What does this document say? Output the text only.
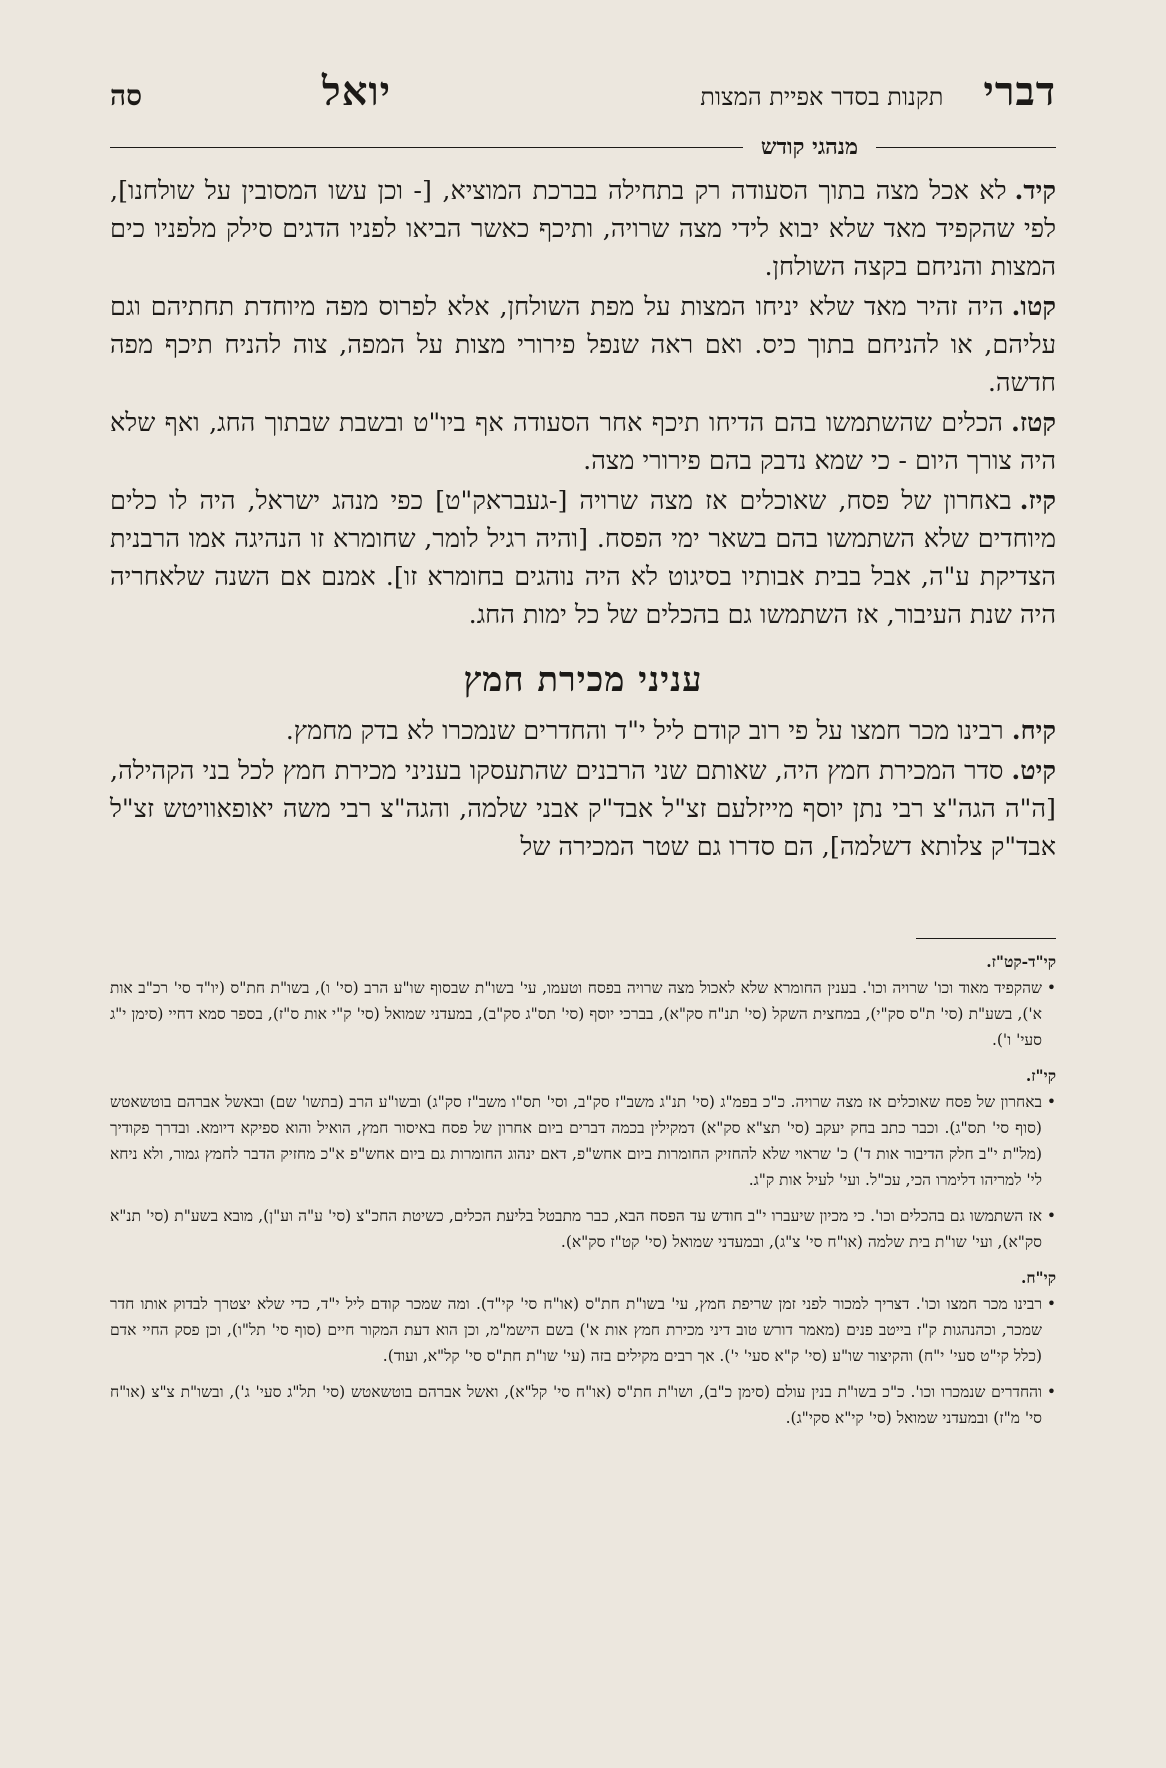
דברי
תקנות בסדר אפיית המצות
יואל
סה
מנהגי קודש

קיד.לא אכל מצה בתוך הסעודה רק בתחילה בברכת המוציא, [- וכן עשו המסובין על שולחנו], לפי שהקפיד מאד שלא יבוא לידי מצה שרויה, ותיכף כאשר הביאו לפניו הדגים סילק מלפניו כים המצות והניחם בקצה השולחן.

קטו.היה זהיר מאד שלא יניחו המצות על מפת השולחן, אלא לפרוס מפה מיוחדת תחתיהם וגם עליהם, או להניחם בתוך כיס. ואם ראה שנפל פירורי מצות על המפה, צוה להניח תיכף מפה חדשה.

קטז.הכלים שהשתמשו בהם הדיחו תיכף אחר הסעודה אף ביו"ט ובשבת שבתוך החג, ואף שלא היה צורך היום - כי שמא נדבק בהם פירורי מצה.

קיז.באחרון של פסח, שאוכלים אז מצה שרויה [-געבראק"ט] כפי מנהג ישראל, היה לו כלים מיוחדים שלא השתמשו בהם בשאר ימי הפסח. [והיה רגיל לומר, שחומרא זו הנהיגה אמו הרבנית הצדיקת ע"ה, אבל בבית אבותיו בסיגוט לא היה נוהגים בחומרא זו]. אמנם אם השנה שלאחריה היה שנת העיבור, אז השתמשו גם בהכלים של כל ימות החג.

עניני מכירת חמץ

קיח.רבינו מכר חמצו על פי רוב קודם ליל י"ד והחדרים שנמכרו לא בדק מחמץ.

קיט.סדר המכירת חמץ היה, שאותם שני הרבנים שהתעסקו בעניני מכירת חמץ לכל בני הקהילה, [ה"ה הגה"צ רבי נתן יוסף מייזלעם זצ"ל אבד"ק אבני שלמה, והגה"צ רבי משה יאופאוויטש זצ"ל אבד"ק צלותא דשלמה], הם סדרו גם שטר המכירה של

קי"ד-קט"ז.
• שהקפיד מאוד וכו' שרויה וכו'. בענין החומרא שלא לאכול מצה שרויה בפסח וטעמו, עי' בשו"ת שבסוף שו"ע הרב (סי' ו), בשו"ת חת"ס (יו"ד סי' רכ"ב אות א'), בשע"ת (סי' ת"ס סק"י), במחצית השקל (סי' תנ"ח סק"א), בברכי יוסף (סי' תס"ג סק"ב), במעדני שמואל (סי' ק"י אות ס"ז), בספר סמא דחיי (סימן י"ג סעי' ו').
קי"ז.
• באחרון של פסח שאוכלים אז מצה שרויה. כ"כ בפמ"ג (סי' תנ"ג משב"ז סק"ב, וסי' תס"ו משב"ז סק"ג) ובשו"ע הרב (בתשו' שם) ובאשל אברהם בוטשאטש (סוף סי' תס"ג). וכבר כתב בחק יעקב (סי' תצ"א סק"א) דמקילין בכמה דברים ביום אחרון של פסח באיסור חמץ, הואיל והוא ספיקא דיומא. ובדרך פקודיך (מל"ת י"ב חלק הדיבור אות ד') כ' שראוי שלא להחזיק החומרות ביום אחש"פ, דאם ינהוג החומרות גם ביום אחש"פ א"כ מחזיק הדבר לחמץ גמור, ולא ניחא לי' למריהו דלימרו הכי, עכ"ל. ועי' לעיל אות ק"ג.
• אז השתמשו גם בהכלים וכו'. כי מכיון שיעברו י"ב חודש עד הפסח הבא, כבר מתבטל בליעת הכלים, כשיטת החכ"צ (סי' ע"ה וע"ן), מובא בשע"ת (סי' תנ"א סק"א), ועי' שו"ת בית שלמה (או"ח סי' צ"ג), ובמעדני שמואל (סי' קט"ז סק"א).
קי"ח.
• רבינו מכר חמצו וכו'. דצריך למכור לפני זמן שריפת חמץ, עי' בשו"ת חת"ס (או"ח סי' קי"ד). ומה שמכר קודם ליל י"ד, כדי שלא יצטרך לבדוק אותו חדר שמכר, וכהנהגות ק"ז בייטב פנים (מאמר דורש טוב דיני מכירת חמץ אות א') בשם הישמ"מ, וכן הוא דעת המקור חיים (סוף סי' תל"ו), וכן פסק החיי אדם (כלל קי"ט סעי' י"ח) והקיצור שו"ע (סי' ק"א סעי' י'). אך רבים מקילים בזה (עי' שו"ת חת"ס סי' קל"א, ועוד).
• והחדרים שנמכרו וכו'. כ"כ בשו"ת בנין עולם (סימן כ"ב), ושו"ת חת"ס (או"ח סי' קל"א), ואשל אברהם בוטשאטש (סי' תל"ג סעי' ג'), ובשו"ת צ"צ (או"ח סי' מ"ז) ובמעדני שמואל (סי' קי"א סקי"ג).
